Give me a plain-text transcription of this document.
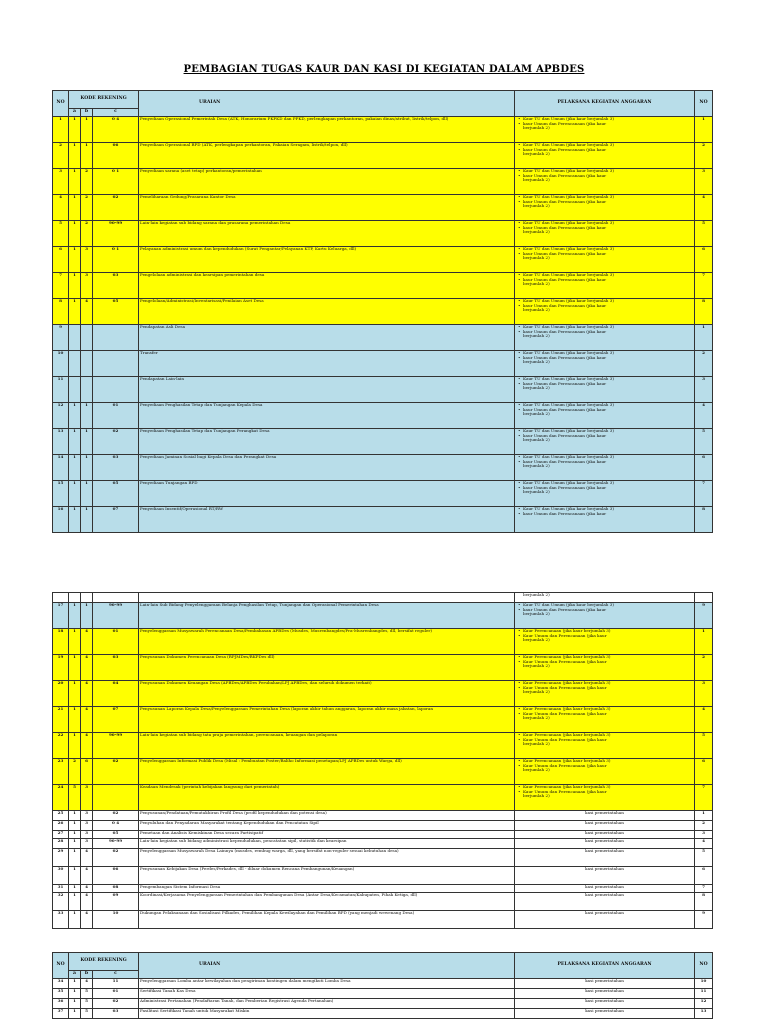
PEMBAGIAN TUGAS KAUR DAN KASI DI KEGIATAN DALAM APBDES
NO	KODE REKENING			URAIAN	PELAKSANA KEGIATAN ANGGARAN	NO
	a	b	c			
1	1	1	0 4	Penyediaan Operasional Pemerintah Desa (ATK, Honorarium PKPKD dan PPKD, perlengkapan perkantoran, pakaian dinas/atribut, listrik/telpon, dll)	• Kaur TU dan Umum (jika kaur berjumlah 3)
• kaur Umum dan Perencanaan (jika kaur
berjumlah 2)	1
2	1	1	06	Penyediaan Operasional BPD (ATK, perlengkapan perkantoran, Pakaian Seragam, listrik/telpon, dll)	• Kaur TU dan Umum (jika kaur berjumlah 3)
• kaur Umum dan Perencanaan (jika kaur
berjumlah 2)	2
3	1	2	0 1	Penyediaan sarana (aset tetap) perkantoran/pemerintahan	• Kaur TU dan Umum (jika kaur berjumlah 3)
• kaur Umum dan Perencanaan (jika kaur
berjumlah 2)	3
4	1	2	02	Pemeliharaan Gedung/Prasarana Kantor Desa	• Kaur TU dan Umum (jika kaur berjumlah 3)
• kaur Umum dan Perencanaan (jika kaur
berjumlah 2)	4
5	1	2	90-99	Lain-lain kegiatan sub bidang sarana dan prasarana pemerintahan Desa	• Kaur TU dan Umum (jika kaur berjumlah 3)
• kaur Umum dan Perencanaan (jika kaur
berjumlah 2)	5
6	1	3	0 1	Pelayanan administrasi umum dan kependudukan (Surat Pengantar/Pelayanan KTP, Kartu Keluarga, dll)	• Kaur TU dan Umum (jika kaur berjumlah 3)
• kaur Umum dan Perencanaan (jika kaur
berjumlah 2)	6
7	1	3	03	Pengelolaan administrasi dan kearsipan pemerintahan desa	• Kaur TU dan Umum (jika kaur berjumlah 3)
• kaur Umum dan Perencanaan (jika kaur
berjumlah 2)	7
8	1	4	05	Pengelolaan/Administrasi/Inventarisasi/Penilaian Aset Desa	• Kaur TU dan Umum (jika kaur berjumlah 3)
• kaur Umum dan Perencanaan (jika kaur
berjumlah 2)	8
9				Pendapatan Asli Desa	• Kaur TU dan Umum (jika kaur berjumlah 3)
• kaur Umum dan Perencanaan (jika kaur
berjumlah 2)	1
10				Transfer	• Kaur TU dan Umum (jika kaur berjumlah 3)
• kaur Umum dan Perencanaan (jika kaur
berjumlah 2)	2
11				Pendapatan Lain-lain	• Kaur TU dan Umum (jika kaur berjumlah 3)
• kaur Umum dan Perencanaan (jika kaur
berjumlah 2)	3
12	1	1	01	Penyediaan Penghasilan Tetap dan Tunjangan Kepala Desa	• Kaur TU dan Umum (jika kaur berjumlah 3)
• kaur Umum dan Perencanaan (jika kaur
berjumlah 2)	4
13	1	1	02	Penyediaan Penghasilan Tetap dan Tunjangan Perangkat Desa	• Kaur TU dan Umum (jika kaur berjumlah 3)
• kaur Umum dan Perencanaan (jika kaur
berjumlah 2)	5
14	1	1	03	Penyediaan Jaminan Sosial bagi Kepala Desa dan Perangkat Desa	• Kaur TU dan Umum (jika kaur berjumlah 3)
• kaur Umum dan Perencanaan (jika kaur
berjumlah 2)	6
15	1	1	05	Penyediaan Tunjangan BPD	• Kaur TU dan Umum (jika kaur berjumlah 3)
• kaur Umum dan Perencanaan (jika kaur
berjumlah 2)	7
16	1	1	07	Penyediaan Insentif/Operasional RT/RW	• Kaur TU dan Umum (jika kaur berjumlah 3)
• kaur Umum dan Perencanaan (jika kaur	8

					berjumlah 2)	

17	1	1	90-99	Lain-lain Sub Bidang Penyelenggaraan Belanja Penghasilan Tetap, Tunjangan dan Operasional Pemerintahan Desa	• Kaur TU dan Umum (jika kaur berjumlah 3)
• kaur Umum dan Perencanaan (jika kaur
berjumlah 2)	9
18	1	4	01	Penyelenggaraan Musyawarah Perencanaan Desa/Pembahasan APBDes (Musdes, Musrenbangdes/Pra-Musrenbangdes, dll, bersifat reguler)	• Kaur Perencanaan (jika kaur berjumlah 3)
• Kaur Umum dan Perencanaan (jika kaur
berjumlah 2)	1
19	1	4	03	Penyusunan Dokumen Perencanaan Desa (RPJMDes/RKPDes dll)	• Kaur Perencanaan (jika kaur berjumlah 3)
• Kaur Umum dan Perencanaan (jika kaur
berjumlah 2)	2
20	1	4	04	Penyusunan Dokumen Keuangan Desa (APBDes/APBDes Perubahan/LPJ APBDes, dan seluruh dokumen terkait)	• Kaur Perencanaan (jika kaur berjumlah 3)
• Kaur Umum dan Perencanaan (jika kaur
berjumlah 2)	3
21	1	4	07	Penyusunan Laporan Kepala Desa/Penyelenggaraan Pemerintahan Desa (laporan akhir tahun anggaran, laporan akhir masa jabatan, laporan	• Kaur Perencanaan (jika kaur berjumlah 3)
• Kaur Umum dan Perencanaan (jika kaur
berjumlah 2)	4
22	1	4	90-99	Lain-lain kegiatan sub bidang tata praja pemerintahan, perencanaan, keuangan dan pelaporan	• Kaur Perencanaan (jika kaur berjumlah 3)
• Kaur Umum dan Perencanaan (jika kaur
berjumlah 2)	5
23	2	6	02	Penyelenggaraan Informasi Publik Desa (Misal : Pembuatan Poster/Baliho Informasi penetapan/LPJ APBDes untuk Warga, dll)	• Kaur Perencanaan (jika kaur berjumlah 3)
• Kaur Umum dan Perencanaan (jika kaur
berjumlah 2)	6
24	5	3		Keadaan Mendesak (perintah kebijakan langsung dari pemerintah)	• Kaur Perencanaan (jika kaur berjumlah 3)
• Kaur Umum dan Perencanaan (jika kaur
berjumlah 2)	7
25	1	3	02	Penyusunan/Pendataan/Pemutakhiran Profil Desa (profil kependudukan dan potensi desa)	kasi pemerintahan	1
26	1	3	0 4	Penyuluhan dan Penyadaran Masyarakat tentang Kependudukan dan Pencatatan Sipil	kasi pemerintahan	2
27	1	3	05	Pemetaan dan Analisis Kemiskinan Desa secara Partisipatif	kasi pemerintahan	3
28	1	3	90-99	Lain-lain kegiatan sub bidang administrasi kependudukan, pencatatan sipil, statistik dan kearsipan	kasi pemerintahan	4
29	1	4	02	Penyelenggaraan Musyawarah Desa Lainnya (musdes, rembug warga, dll, yang bersifat non-reguler sesuai kebutuhan desa)	kasi pemerintahan	5
30	1	4	06	Penyusunan Kebijakan Desa (Perdes/Perkades, dll - diluar dokumen Rencana Pembangunan/Keuangan)	kasi pemerintahan	6
31	1	4	08	Pengembangan Sistem Informasi Desa	kasi pemerintahan	7
32	1	4	09	Koordinasi/Kerjasama Penyelenggaraan Pemerintahan dan Pembangunan Desa (Antar Desa/Kecamatan/Kabupaten, Pihak Ketiga, dll)	kasi pemerintahan	8
33	1	4	10	Dukungan Pelaksanaan dan Sosialisasi Pilkades, Pemilihan Kepala Kewilayahan dan Pemilihan BPD (yang menjadi wewenang Desa)	kasi pemerintahan	9
NO	KODE REKENING			URAIAN	PELAKSANA KEGIATAN ANGGARAN	NO
	a	b	c			
34	1	4	11	Penyelenggaraan Lomba antar kewilayahan dan pengiriman kontingen dalam mengikuti Lomba Desa	kasi pemerintahan	10
35	1	5	01	Sertifikasi Tanah Kas Desa	kasi pemerintahan	11
36	1	5	02	Administrasi Pertanahan (Pendaftaran Tanah, dan Pemberian Registrasi Agenda Pertanahan)	kasi pemerintahan	12
37	1	5	03	Fasilitasi Sertifikasi Tanah untuk Masyarakat Miskin	kasi pemerintahan	13
